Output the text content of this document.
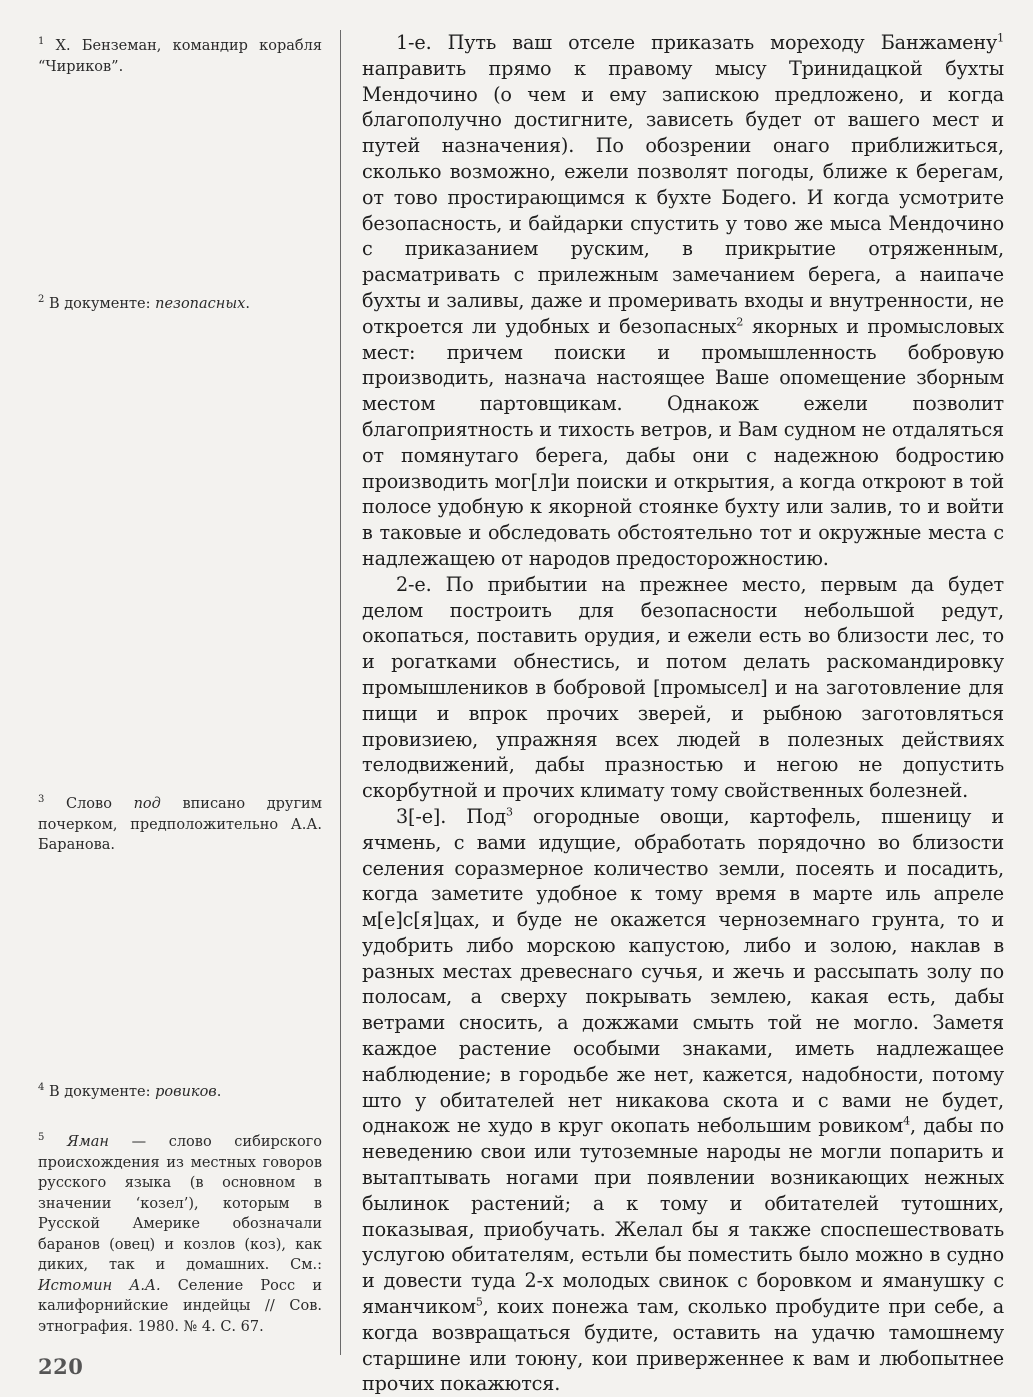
$^1$ Х. Бенземан, командир корабля “Чириков”.
$^2$ В документе: пезопасных.
$^3$ Слово под вписано другим почерком, предположительно А.А. Барановa.
$^4$ В документе: ровиков.
$^5$ Яман — слово сибирского происхождения из местных говоров русского языка (в основном в значении ‘козел’), которым в Русской Америке обозначали баранов (овец) и козлов (коз), как диких, так и домашних. См.: Истомин А.А. Селение Росс и калифорнийские индейцы // Сов. этнография. 1980. № 4. С. 67.

1-е. Путь ваш отселе приказать мореходу Банжамену$^1$ направить прямо к правому мысу Тринидацкой бухты Мендочино (о чем и ему запискою предложено, и когда благополучно достигните, зависеть будет от вашего мест и путей назначения). По обозрении онаго приближиться, сколько возможно, ежели позволят погоды, ближе к берегам, от тово простирающимся к бухте Бодего. И когда усмотрите безопасность, и байдарки спустить у тово же мыса Мендочино с приказанием руским, в прикрытие отряженным, расматривать с прилежным замечанием берега, а наипаче бухты и заливы, даже и промеривать входы и внутренности, не откроется ли удобных и безопасных$^2$ якорных и промысловых мест: причем поиски и промышленность бобровую производить, назнача настоящее Ваше опомещение зборным местом партовщикам. Однакож ежели позволит благоприятность и тихость ветров, и Вам судном не отдаляться от помянутаго берега, дабы они с надежною бодростию производить мог[л]и поиски и открытия, а когда откроют в той полосе удобную к якорной стоянке бухту или залив, то и войти в таковые и обследовать обстоятельно тот и окружные места с надлежащею от народов предосторожностию.

2-е. По прибытии на прежнее место, первым да будет делом построить для безопасности небольшой редут, окопаться, поставить орудия, и ежели есть во близости лес, то и рогатками обнестись, и потом делать раскомандировку промышлеников в бобровой [промысел] и на заготовление для пищи и впрок прочих зверей, и рыбною заготовляться провизиею, упражняя всех людей в полезных действиях телодвижений, дабы празностью и негою не допустить скорбутной и прочих климату тому свойственных болезней.

3[-е]. Под$^3$ огородные овощи, картофель, пшеницу и ячмень, с вами идущие, обработать порядочно во близости селения соразмерное количество земли, посеять и посадить, когда заметите удобное к тому время в марте иль апреле м[е]с[я]цах, и буде не окажется черноземнаго грунта, то и удобрить либо морскою капустою, либо и золою, наклав в разных местах древеснаго сучья, и жечь и рассыпать золу по полосам, а сверху покрывать землею, какая есть, дабы ветрами сносить, а дожжами смыть той не могло. Заметя каждое растение особыми знаками, иметь надлежащее наблюдение; в городьбе же нет, кажется, надобности, потому што у обитателей нет никакова скота и с вами не будет, однакож не худо в круг окопать небольшим ровиком$^4$, дабы по неведению свои или тутоземные народы не могли попарить и вытаптывать ногами при появлении возникающих нежных былинок растений; а к тому и обитателей тутошних, показывая, приобучать. Желал бы я также споспешествовать услугою обитателям, естьли бы поместить было можно в судно и довести туда 2-х молодых свинок с боровком и яманушку с яманчиком$^5$, коих понежа там, сколько пробудите при себе, а когда возвращаться будите, оставить на удачю тамошнему старшине или тоюну, кои приверженнее к вам и любопытнее прочих покажются.

220
